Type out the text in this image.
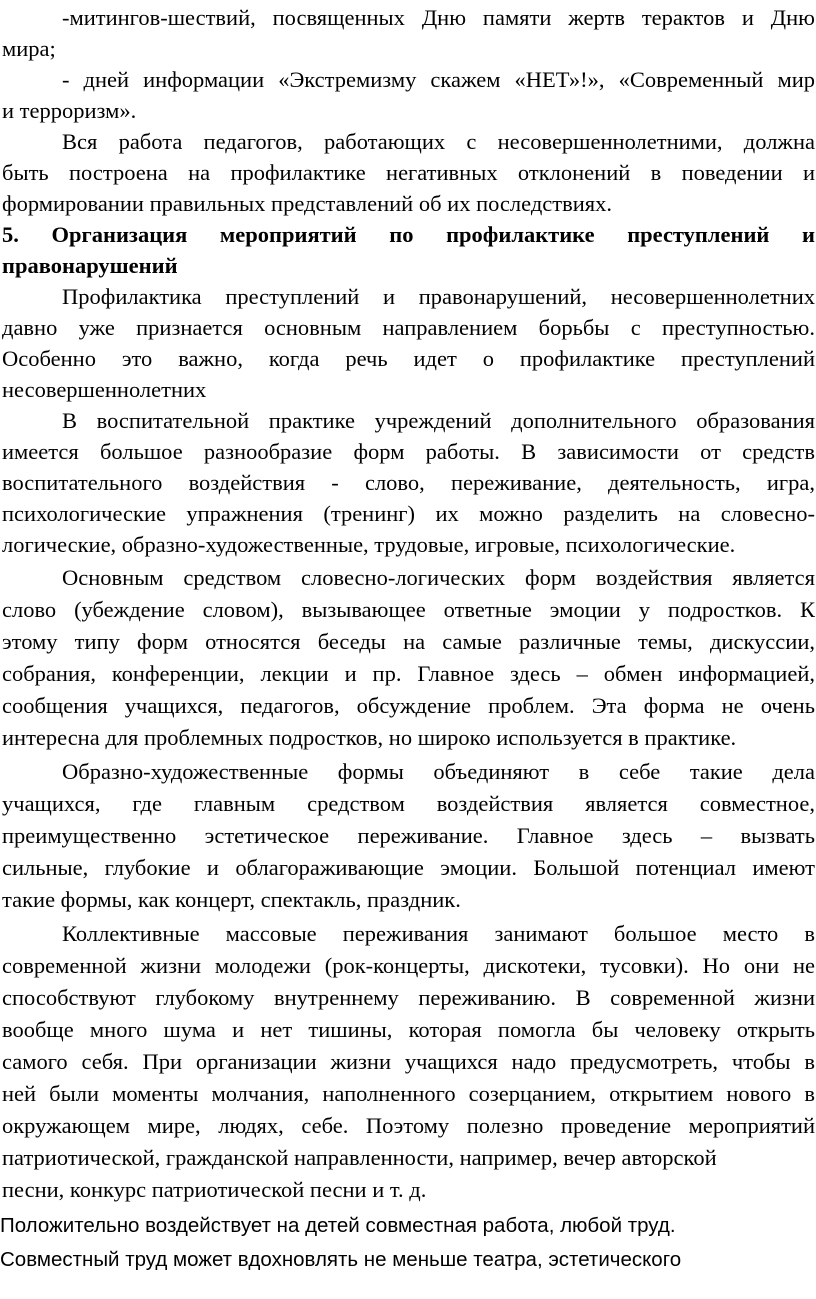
-митингов-шествий, посвященных Дню памяти жертв терактов и Дню
мира;
- дней информации «Экстремизму скажем «НЕТ»!», «Современный мир
и терроризм».
Вся работа педагогов, работающих с несовершеннолетними, должна
быть построена на профилактике негативных отклонений в поведении и
формировании правильных представлений об их последствиях.
5. Организация мероприятий по профилактике преступлений и
правонарушений
Профилактика преступлений и правонарушений, несовершеннолетних
давно уже признается основным направлением борьбы с преступностью.
Особенно это важно, когда речь идет о профилактике преступлений
несовершеннолетних
В воспитательной практике учреждений дополнительного образования
имеется большое разнообразие форм работы. В зависимости от средств
воспитательного воздействия - слово, переживание, деятельность, игра,
психологические упражнения (тренинг) их можно разделить на словесно-
логические, образно-художественные, трудовые, игровые, психологические.
Основным средством словесно-логических форм воздействия является
слово (убеждение словом), вызывающее ответные эмоции у подростков. К
этому типу форм относятся беседы на самые различные темы, дискуссии,
собрания, конференции, лекции и пр. Главное здесь – обмен информацией,
сообщения учащихся, педагогов, обсуждение проблем. Эта форма не очень
интересна для проблемных подростков, но широко используется в практике.
Образно-художественные формы объединяют в себе такие дела
учащихся, где главным средством воздействия является совместное,
преимущественно эстетическое переживание. Главное здесь – вызвать
сильные, глубокие и облагораживающие эмоции. Большой потенциал имеют
такие формы, как концерт, спектакль, праздник.
Коллективные массовые переживания занимают большое место в
современной жизни молодежи (рок-концерты, дискотеки, тусовки). Но они не
способствуют глубокому внутреннему переживанию. В современной жизни
вообще много шума и нет тишины, которая помогла бы человеку открыть
самого себя. При организации жизни учащихся надо предусмотреть, чтобы в
ней были моменты молчания, наполненного созерцанием, открытием нового в
окружающем мире, людях, себе. Поэтому полезно проведение мероприятий
патриотической, гражданской направленности, например, вечер авторской
песни, конкурс патриотической песни и т. д.
Положительно воздействует на детей совместная работа, любой труд.
Совместный труд может вдохновлять не меньше театра, эстетического
